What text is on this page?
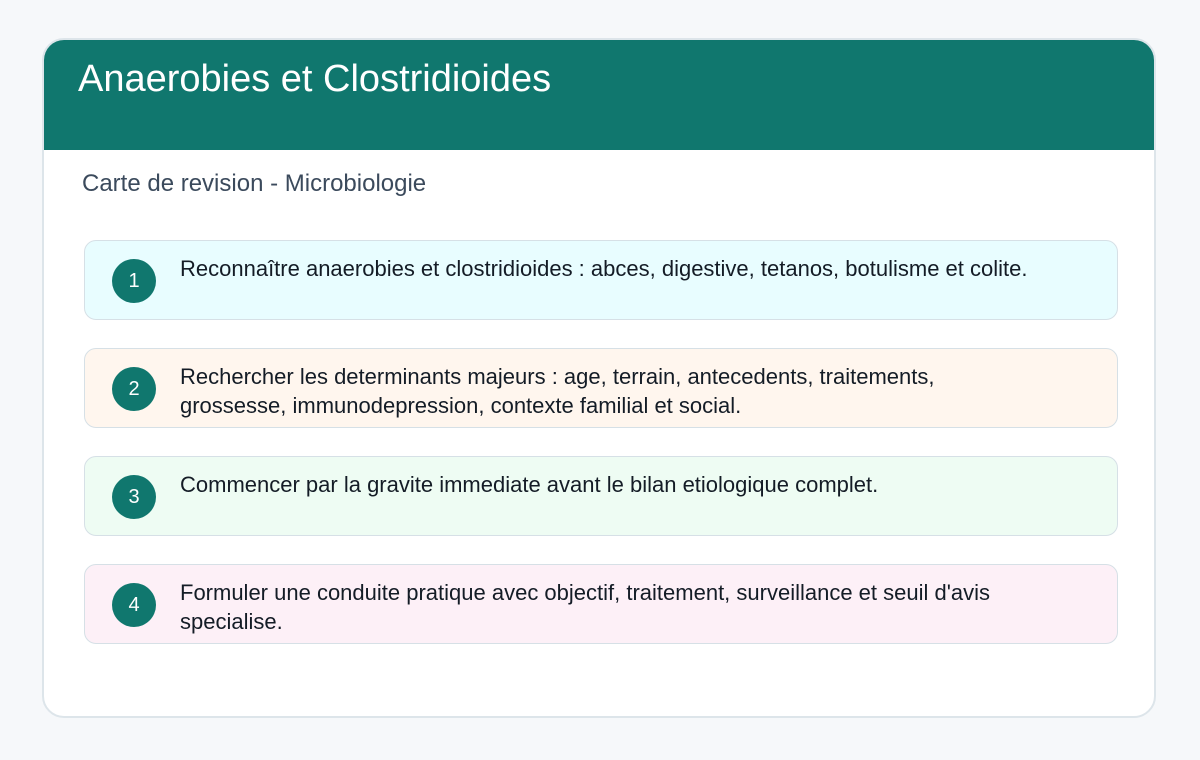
Anaerobies et Clostridioides
Carte de revision - Microbiologie
1	Reconnaître anaerobies et clostridioides : abces, digestive, tetanos, botulisme et colite.
2	Rechercher les determinants majeurs : age, terrain, antecedents, traitements, grossesse, immunodepression, contexte familial et social.
3	Commencer par la gravite immediate avant le bilan etiologique complet.
4	Formuler une conduite pratique avec objectif, traitement, surveillance et seuil d'avis specialise.
